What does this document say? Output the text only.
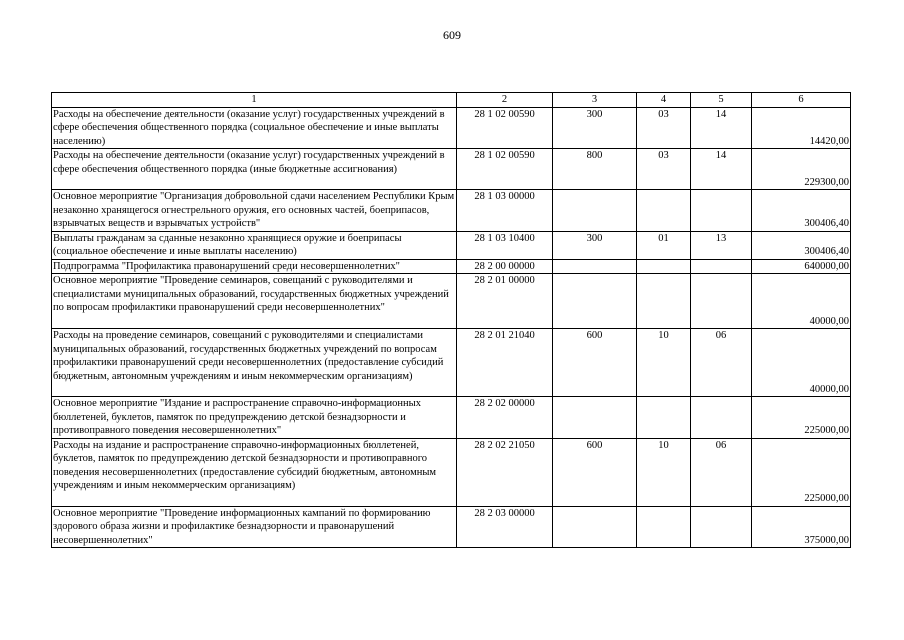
609
1	2	3	4	5	6
Расходы на обеспечение деятельности (оказание услуг) государственных учреждений в сфере обеспечения общественного порядка (социальное обеспечение и иные выплаты населению)	28 1 02 00590	300	03	14	14420,00
Расходы на обеспечение деятельности (оказание услуг) государственных учреждений в сфере обеспечения общественного порядка (иные бюджетные ассигнования)	28 1 02 00590	800	03	14	229300,00
Основное мероприятие "Организация добровольной сдачи населением Республики Крым незаконно хранящегося огнестрельного оружия, его основных частей, боеприпасов, взрывчатых веществ и взрывчатых устройств"	28 1 03 00000				300406,40
Выплаты гражданам за сданные незаконно хранящиеся оружие и боеприпасы (социальное обеспечение и иные выплаты населению)	28 1 03 10400	300	01	13	300406,40
Подпрограмма "Профилактика правонарушений среди несовершеннолетних"	28 2 00 00000				640000,00
Основное мероприятие "Проведение семинаров, совещаний с руководителями и специалистами муниципальных образований, государственных бюджетных учреждений по вопросам профилактики правонарушений среди несовершеннолетних"	28 2 01 00000				40000,00
Расходы на проведение семинаров, совещаний с руководителями и специалистами муниципальных образований, государственных бюджетных учреждений по вопросам профилактики правонарушений среди несовершеннолетних (предоставление субсидий бюджетным, автономным учреждениям и иным некоммерческим организациям)	28 2 01 21040	600	10	06	40000,00
Основное мероприятие "Издание и распространение справочно-информационных бюллетеней, буклетов, памяток по предупреждению детской безнадзорности и противоправного поведения несовершеннолетних"	28 2 02 00000				225000,00
Расходы на издание и распространение справочно-информационных бюллетеней, буклетов, памяток по предупреждению детской безнадзорности и противоправного поведения несовершеннолетних (предоставление субсидий бюджетным, автономным учреждениям и иным некоммерческим организациям)	28 2 02 21050	600	10	06	225000,00
Основное мероприятие "Проведение информационных кампаний по формированию здорового образа жизни и профилактике безнадзорности и правонарушений несовершеннолетних"	28 2 03 00000				375000,00
